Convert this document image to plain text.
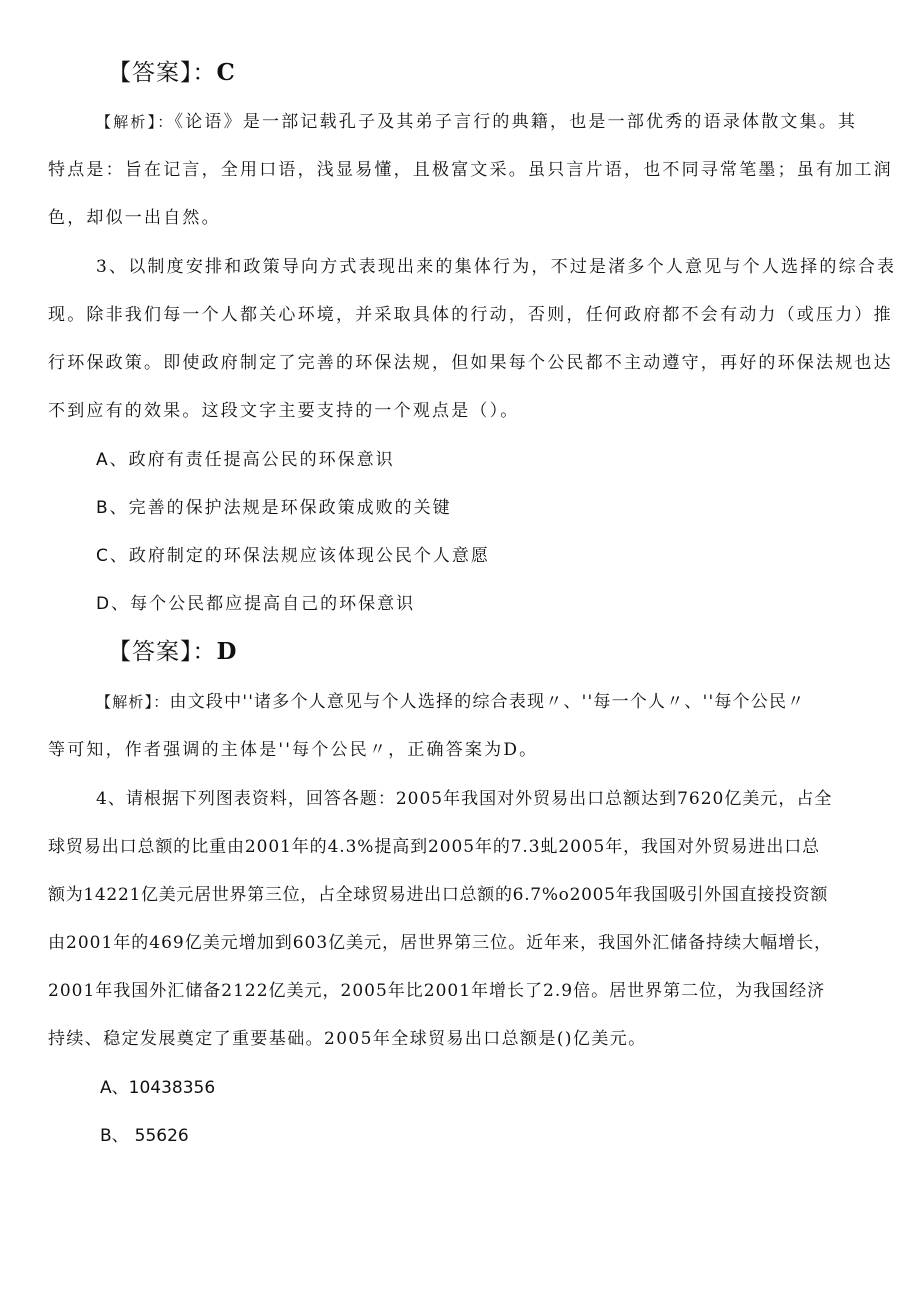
【答案】：C
【解析】：《论语》是一部记载孔子及其弟子言行的典籍，也是一部优秀的语录体散文集。其
特点是：旨在记言，全用口语，浅显易懂，且极富文采。虽只言片语，也不同寻常笔墨；虽有加工润
色，却似一出自然。
3、以制度安排和政策导向方式表现出来的集体行为，不过是渚多个人意见与个人选择的综合表
现。除非我们每一个人都关心环境，并采取具体的行动，否则，任何政府都不会有动力（或压力）推
行环保政策。即使政府制定了完善的环保法规，但如果每个公民都不主动遵守，再好的环保法规也达
不到应有的效果。这段文字主要支持的一个观点是（）。
A、政府有责任提高公民的环保意识
B、完善的保护法规是环保政策成败的关键
C、政府制定的环保法规应该体现公民个人意愿
D、每个公民都应提高自己的环保意识
【答案】：D
【解析】：由文段中''诸多个人意见与个人选择的综合表现〃、''每一个人〃、''每个公民〃
等可知，作者强调的主体是''每个公民〃，正确答案为D。
4、请根据下列图表资料，回答各题：2005年我国对外贸易出口总额达到7620亿美元，占全
球贸易出口总额的比重由2001年的4.3%提高到2005年的7.3虬2005年，我国对外贸易进出口总
额为14221亿美元居世界第三位，占全球贸易进出口总额的6.7%o2005年我国吸引外国直接投资额
由2001年的469亿美元增加到603亿美元，居世界第三位。近年来，我国外汇储备持续大幅增长，
2001年我国外汇储备2122亿美元，2005年比2001年增长了2.9倍。居世界第二位，为我国经济
持续、稳定发展奠定了重要基础。2005年全球贸易出口总额是()亿美元。
A、10438356
B、 55626
